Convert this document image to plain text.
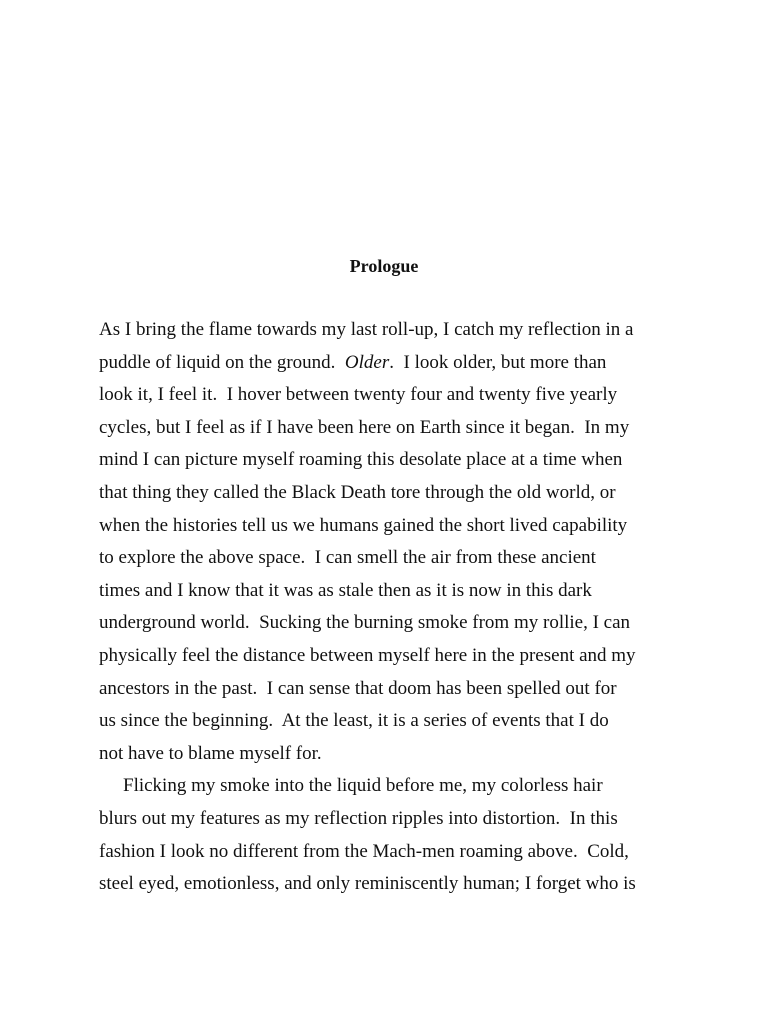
Prologue
As I bring the flame towards my last roll-up, I catch my reflection in a
puddle of liquid on the ground.  Older.  I look older, but more than
look it, I feel it.  I hover between twenty four and twenty five yearly
cycles, but I feel as if I have been here on Earth since it began.  In my
mind I can picture myself roaming this desolate place at a time when
that thing they called the Black Death tore through the old world, or
when the histories tell us we humans gained the short lived capability
to explore the above space.  I can smell the air from these ancient
times and I know that it was as stale then as it is now in this dark
underground world.  Sucking the burning smoke from my rollie, I can
physically feel the distance between myself here in the present and my
ancestors in the past.  I can sense that doom has been spelled out for
us since the beginning.  At the least, it is a series of events that I do
not have to blame myself for.
Flicking my smoke into the liquid before me, my colorless hair
blurs out my features as my reflection ripples into distortion.  In this
fashion I look no different from the Mach-men roaming above.  Cold,
steel eyed, emotionless, and only reminiscently human; I forget who is
